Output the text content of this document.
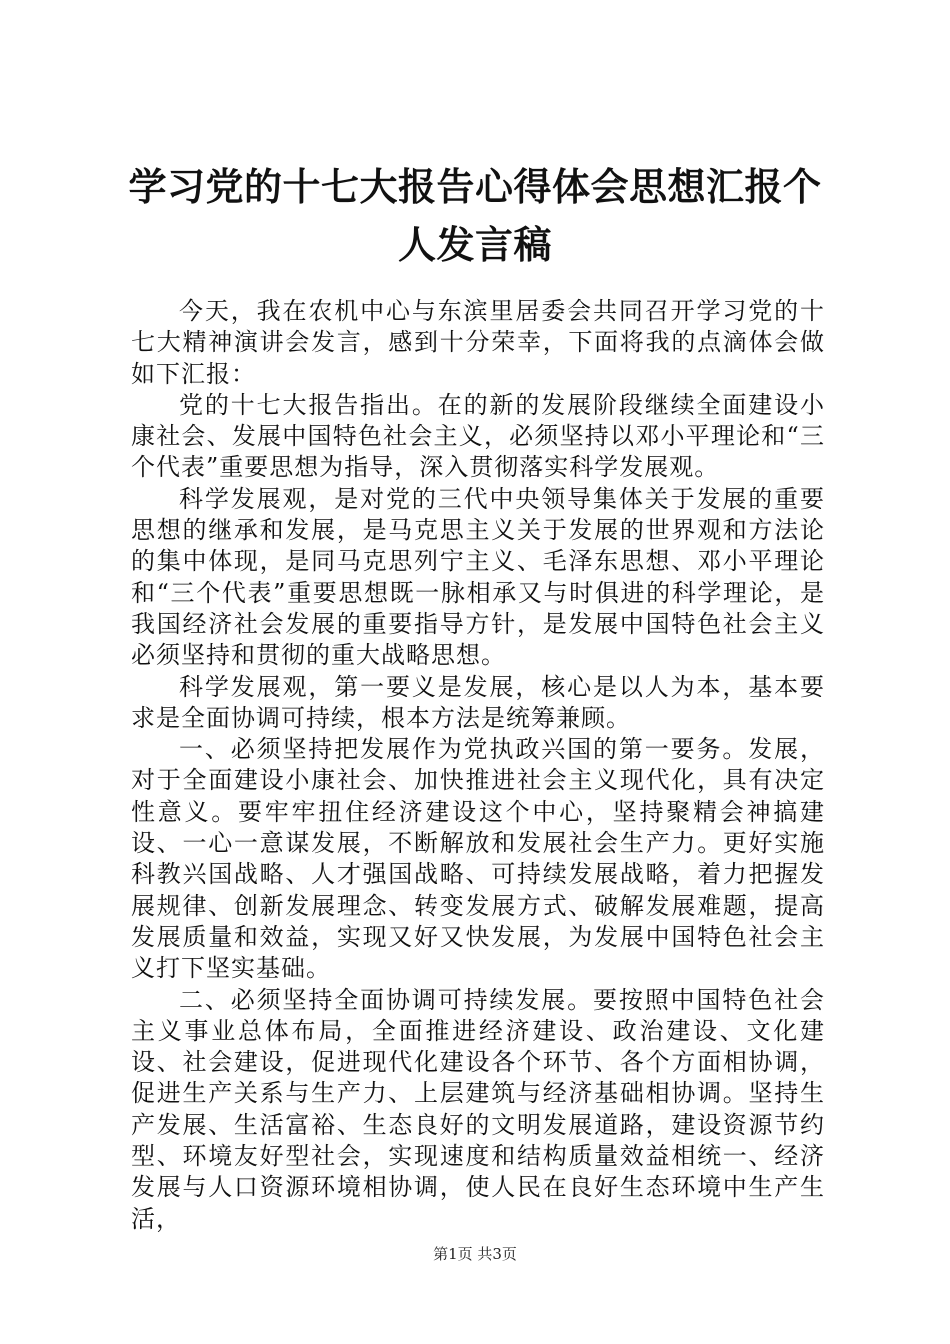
学习党的十七大报告心得体会思想汇报个人发言稿

今天，我在农机中心与东滨里居委会共同召开学习党的十七大精神演讲会发言，感到十分荣幸，下面将我的点滴体会做如下汇报：

党的十七大报告指出。在的新的发展阶段继续全面建设小康社会、发展中国特色社会主义，必须坚持以邓小平理论和“三个代表”重要思想为指导，深入贯彻落实科学发展观。

科学发展观，是对党的三代中央领导集体关于发展的重要思想的继承和发展，是马克思主义关于发展的世界观和方法论的集中体现，是同马克思列宁主义、毛泽东思想、邓小平理论和“三个代表”重要思想既一脉相承又与时俱进的科学理论，是我国经济社会发展的重要指导方针，是发展中国特色社会主义必须坚持和贯彻的重大战略思想。

科学发展观，第一要义是发展，核心是以人为本，基本要求是全面协调可持续，根本方法是统筹兼顾。

一、必须坚持把发展作为党执政兴国的第一要务。发展，对于全面建设小康社会、加快推进社会主义现代化，具有决定性意义。要牢牢扭住经济建设这个中心，坚持聚精会神搞建设、一心一意谋发展，不断解放和发展社会生产力。更好实施科教兴国战略、人才强国战略、可持续发展战略，着力把握发展规律、创新发展理念、转变发展方式、破解发展难题，提高发展质量和效益，实现又好又快发展，为发展中国特色社会主义打下坚实基础。

二、必须坚持全面协调可持续发展。要按照中国特色社会主义事业总体布局，全面推进经济建设、政治建设、文化建设、社会建设，促进现代化建设各个环节、各个方面相协调，促进生产关系与生产力、上层建筑与经济基础相协调。坚持生产发展、生活富裕、生态良好的文明发展道路，建设资源节约型、环境友好型社会，实现速度和结构质量效益相统一、经济发展与人口资源环境相协调，使人民在良好生态环境中生产生活，

第1页 共3页
